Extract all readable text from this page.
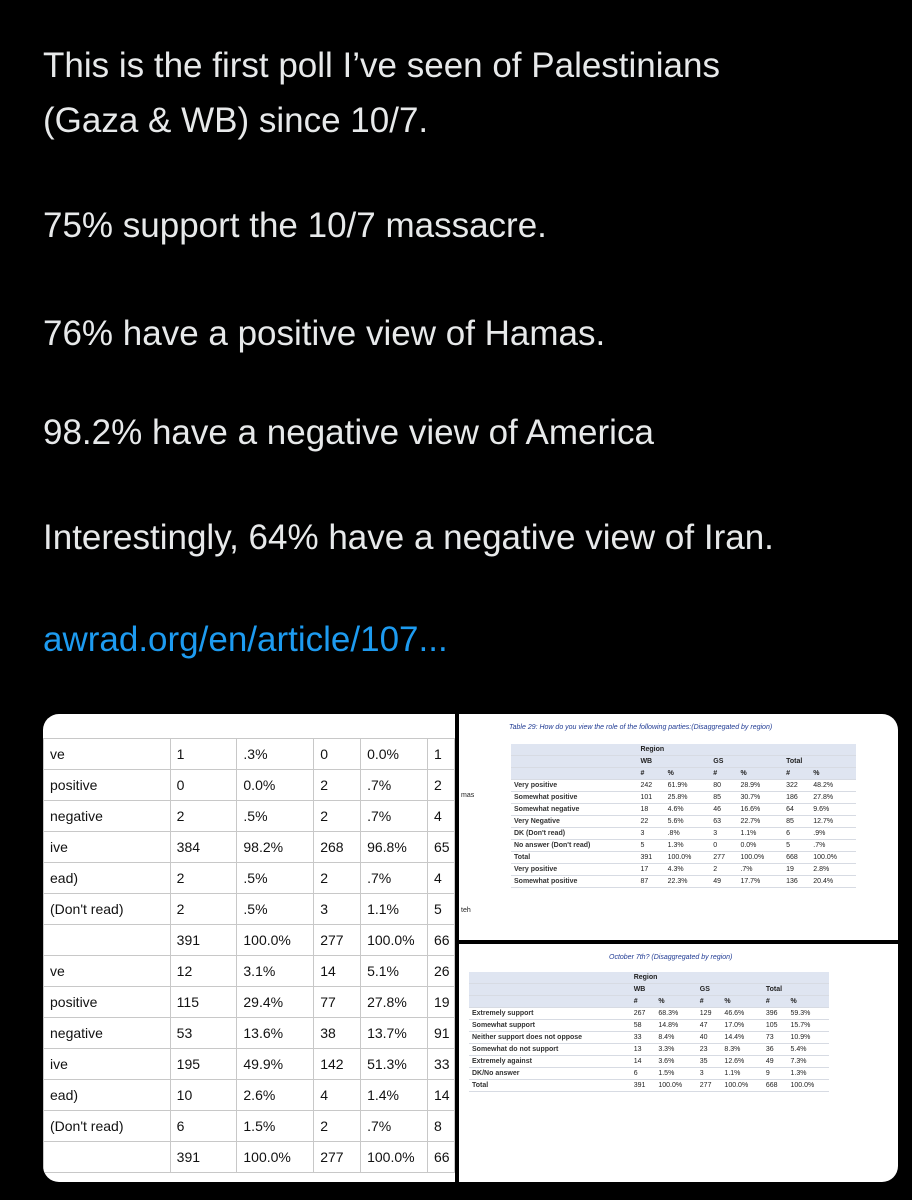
This is the first poll I’ve seen of Palestinians

(Gaza & WB) since 10/7.

75% support the 10/7 massacre.

76% have a positive view of Hamas.

98.2% have a negative view of America

Interestingly, 64% have a negative view of Iran.

awrad.org/en/article/107...
ve	1	.3%	0	0.0%	1
positive	0	0.0%	2	.7%	2
negative	2	.5%	2	.7%	4
ive	384	98.2%	268	96.8%	65
ead)	2	.5%	2	.7%	4
(Don't read)	2	.5%	3	1.1%	5
	391	100.0%	277	100.0%	66
ve	12	3.1%	14	5.1%	26
positive	115	29.4%	77	27.8%	19
negative	53	13.6%	38	13.7%	91
ive	195	49.9%	142	51.3%	33
ead)	10	2.6%	4	1.4%	14
(Don't read)	6	1.5%	2	.7%	8
	391	100.0%	277	100.0%	66
Table 29: How do you view the role of the following parties:(Disaggregated by region)
mas
teh
	Region					
	WB		GS		Total	
	#	%	#	%	#	%
Very positive	242	61.9%	80	28.9%	322	48.2%
Somewhat positive	101	25.8%	85	30.7%	186	27.8%
Somewhat negative	18	4.6%	46	16.6%	64	9.6%
Very Negative	22	5.6%	63	22.7%	85	12.7%
DK (Don't read)	3	.8%	3	1.1%	6	.9%
No answer (Don't read)	5	1.3%	0	0.0%	5	.7%
Total	391	100.0%	277	100.0%	668	100.0%
Very positive	17	4.3%	2	.7%	19	2.8%
Somewhat positive	87	22.3%	49	17.7%	136	20.4%
October 7th? (Disaggregated by region)
	Region					
	WB		GS		Total	
	#	%	#	%	#	%
Extremely support	267	68.3%	129	46.6%	396	59.3%
Somewhat support	58	14.8%	47	17.0%	105	15.7%
Neither support does not oppose	33	8.4%	40	14.4%	73	10.9%
Somewhat do not support	13	3.3%	23	8.3%	36	5.4%
Extremely against	14	3.6%	35	12.6%	49	7.3%
DK/No answer	6	1.5%	3	1.1%	9	1.3%
Total	391	100.0%	277	100.0%	668	100.0%
